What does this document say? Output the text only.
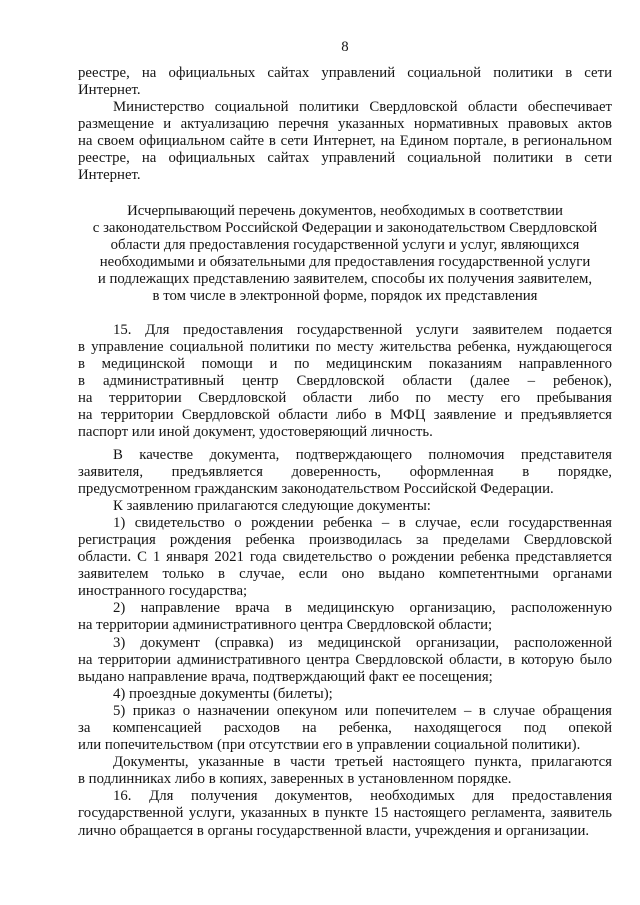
8
реестре, на официальных сайтах управлений социальной политики в сети
Интернет.
Министерство социальной политики Свердловской области обеспечивает
размещение и актуализацию перечня указанных нормативных правовых актов
на своем официальном сайте в сети Интернет, на Едином портале, в региональном
реестре, на официальных сайтах управлений социальной политики в сети
Интернет.
Исчерпывающий перечень документов, необходимых в соответствии
с законодательством Российской Федерации и законодательством Свердловской
области для предоставления государственной услуги и услуг, являющихся
необходимыми и обязательными для предоставления государственной услуги
и подлежащих представлению заявителем, способы их получения заявителем,
в том числе в электронной форме, порядок их представления
15. Для предоставления государственной услуги заявителем подается
в управление социальной политики по месту жительства ребенка, нуждающегося
в медицинской помощи и по медицинским показаниям направленного
в административный центр Свердловской области (далее – ребенок),
на территории Свердловской области либо по месту его пребывания
на территории Свердловской области либо в МФЦ заявление и предъявляется
паспорт или иной документ, удостоверяющий личность.
В качестве документа, подтверждающего полномочия представителя
заявителя, предъявляется доверенность, оформленная в порядке,
предусмотренном гражданским законодательством Российской Федерации.
К заявлению прилагаются следующие документы:
1) свидетельство о рождении ребенка – в случае, если государственная
регистрация рождения ребенка производилась за пределами Свердловской
области. С 1 января 2021 года свидетельство о рождении ребенка представляется
заявителем только в случае, если оно выдано компетентными органами
иностранного государства;
2) направление врача в медицинскую организацию, расположенную
на территории административного центра Свердловской области;
3) документ (справка) из медицинской организации, расположенной
на территории административного центра Свердловской области, в которую было
выдано направление врача, подтверждающий факт ее посещения;
4) проездные документы (билеты);
5) приказ о назначении опекуном или попечителем – в случае обращения
за компенсацией расходов на ребенка, находящегося под опекой
или попечительством (при отсутствии его в управлении социальной политики).
Документы, указанные в части третьей настоящего пункта, прилагаются
в подлинниках либо в копиях, заверенных в установленном порядке.
16. Для получения документов, необходимых для предоставления
государственной услуги, указанных в пункте 15 настоящего регламента, заявитель
лично обращается в органы государственной власти, учреждения и организации.
